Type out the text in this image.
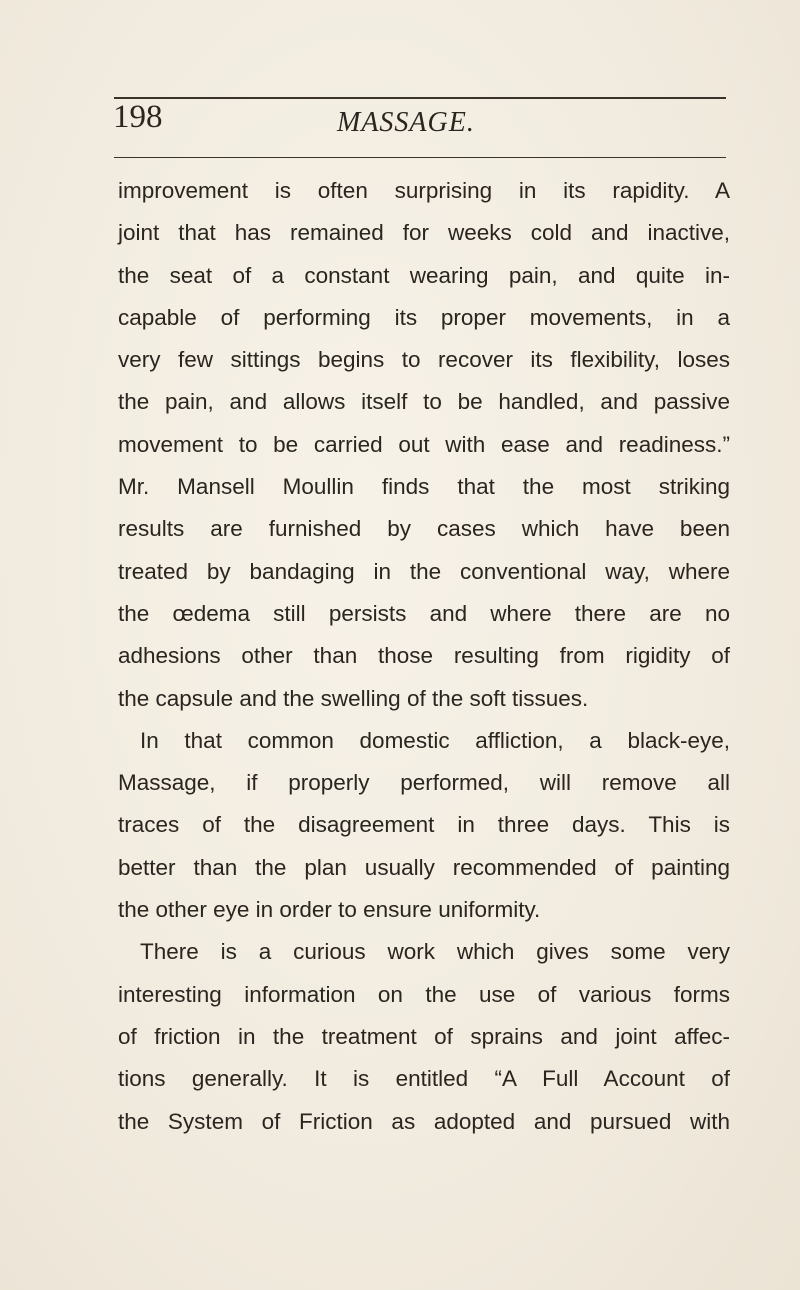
198	MASSAGE.
improvement is often surprising in its rapidity. A
joint that has remained for weeks cold and inactive,
the seat of a constant wearing pain, and quite in-
capable of performing its proper movements, in a
very few sittings begins to recover its flexibility, loses
the pain, and allows itself to be handled, and passive
movement to be carried out with ease and readiness.”
Mr. Mansell Moullin finds that the most striking
results are furnished by cases which have been
treated by bandaging in the conventional way, where
the œdema still persists and where there are no
adhesions other than those resulting from rigidity of
the capsule and the swelling of the soft tissues.
In that common domestic affliction, a black-eye,
Massage, if properly performed, will remove all
traces of the disagreement in three days. This is
better than the plan usually recommended of painting
the other eye in order to ensure uniformity.
There is a curious work which gives some very
interesting information on the use of various forms
of friction in the treatment of sprains and joint affec-
tions generally. It is entitled “A Full Account of
the System of Friction as adopted and pursued with
